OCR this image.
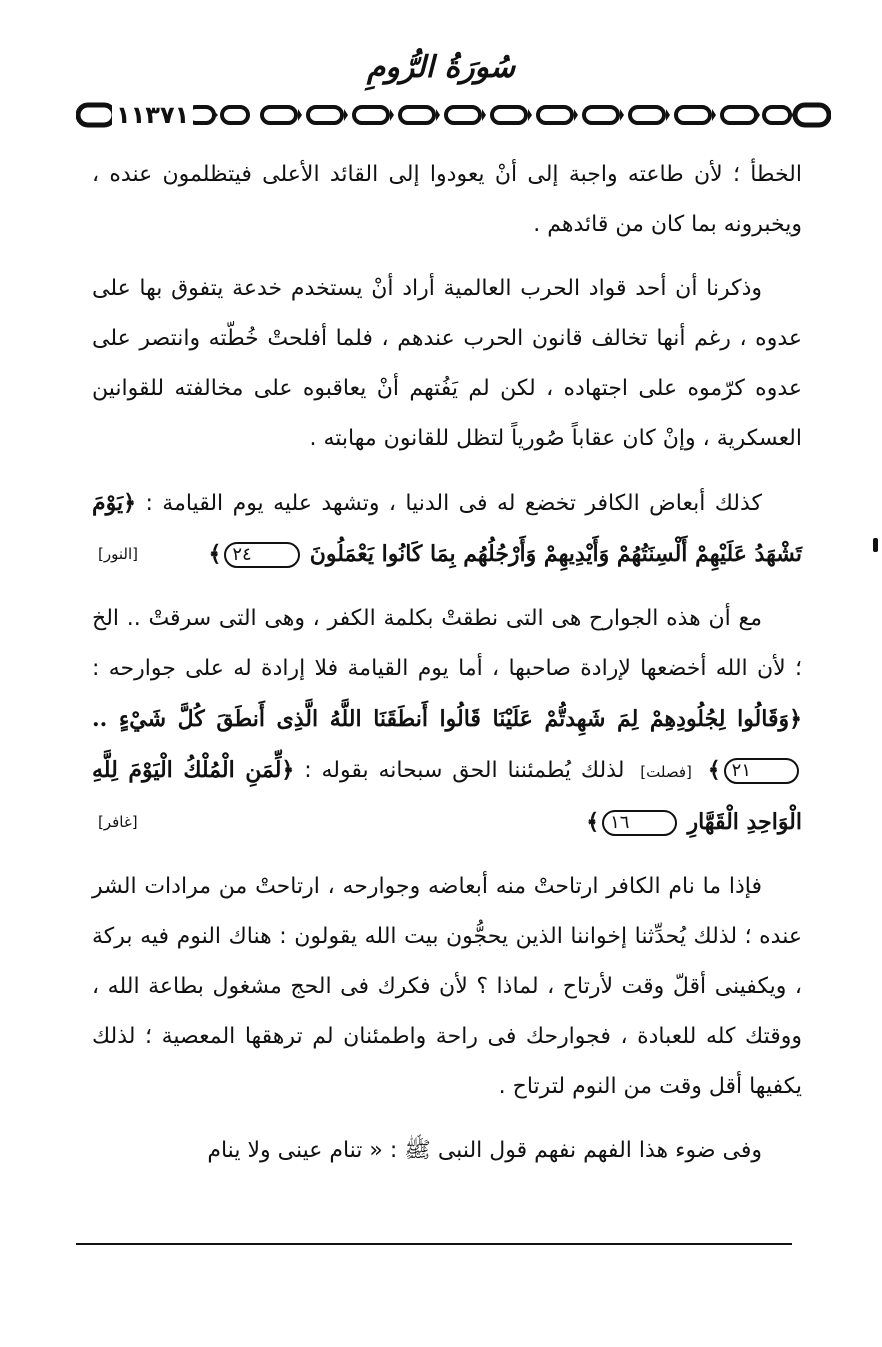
سُورَةُ الرُّومِ
١١٣٧١

الخطأ ؛ لأن طاعته واجبة إلى أنْ يعودوا إلى القائد الأعلى فيتظلمون عنده ، ويخبرونه بما كان من قائدهم .

وذكرنا أن أحد قواد الحرب العالمية أراد أنْ يستخدم خدعة يتفوق بها على عدوه ، رغم أنها تخالف قانون الحرب عندهم ، فلما أفلحتْ خُطّته وانتصر على عدوه كرّموه على اجتهاده ، لكن لم يَفُتهم أنْ يعاقبوه على مخالفته للقوانين العسكرية ، وإنْ كان عقاباً صُورياً لتظل للقانون مهابته .

كذلك أبعاض الكافر تخضع له فى الدنيا ، وتشهد عليه يوم القيامة : ﴿يَوْمَ تَشْهَدُ عَلَيْهِمْ أَلْسِنَتُهُمْ وَأَيْدِيهِمْ وَأَرْجُلُهُم بِمَا كَانُوا يَعْمَلُونَ ٢٤﴾
[النور]

مع أن هذه الجوارح هى التى نطقتْ بكلمة الكفر ، وهى التى سرقتْ .. الخ ؛ لأن الله أخضعها لإرادة صاحبها ، أما يوم القيامة فلا إرادة له على جوارحه : ﴿وَقَالُوا لِجُلُودِهِمْ لِمَ شَهِدتُّمْ عَلَيْنَا قَالُوا أَنطَقَنَا اللَّهُ الَّذِى أَنطَقَ كُلَّ شَيْءٍ .. ٢١﴾ [فصلت] لذلك يُطمئننا الحق سبحانه بقوله : ﴿لِّمَنِ الْمُلْكُ الْيَوْمَ لِلَّهِ الْوَاحِدِ الْقَهَّارِ ١٦﴾
[غافر]

فإذا ما نام الكافر ارتاحتْ منه أبعاضه وجوارحه ، ارتاحتْ من مرادات الشر عنده ؛ لذلك يُحدِّثنا إخواننا الذين يحجُّون بيت الله يقولون : هناك النوم فيه بركة ، ويكفينى أقلّ وقت لأرتاح ، لماذا ؟ لأن فكرك فى الحج مشغول بطاعة الله ، ووقتك كله للعبادة ، فجوارحك فى راحة واطمئنان لم ترهقها المعصية ؛ لذلك يكفيها أقل وقت من النوم لترتاح .

وفى ضوء هذا الفهم نفهم قول النبى ﷺ : « تنام عينى ولا ينام
